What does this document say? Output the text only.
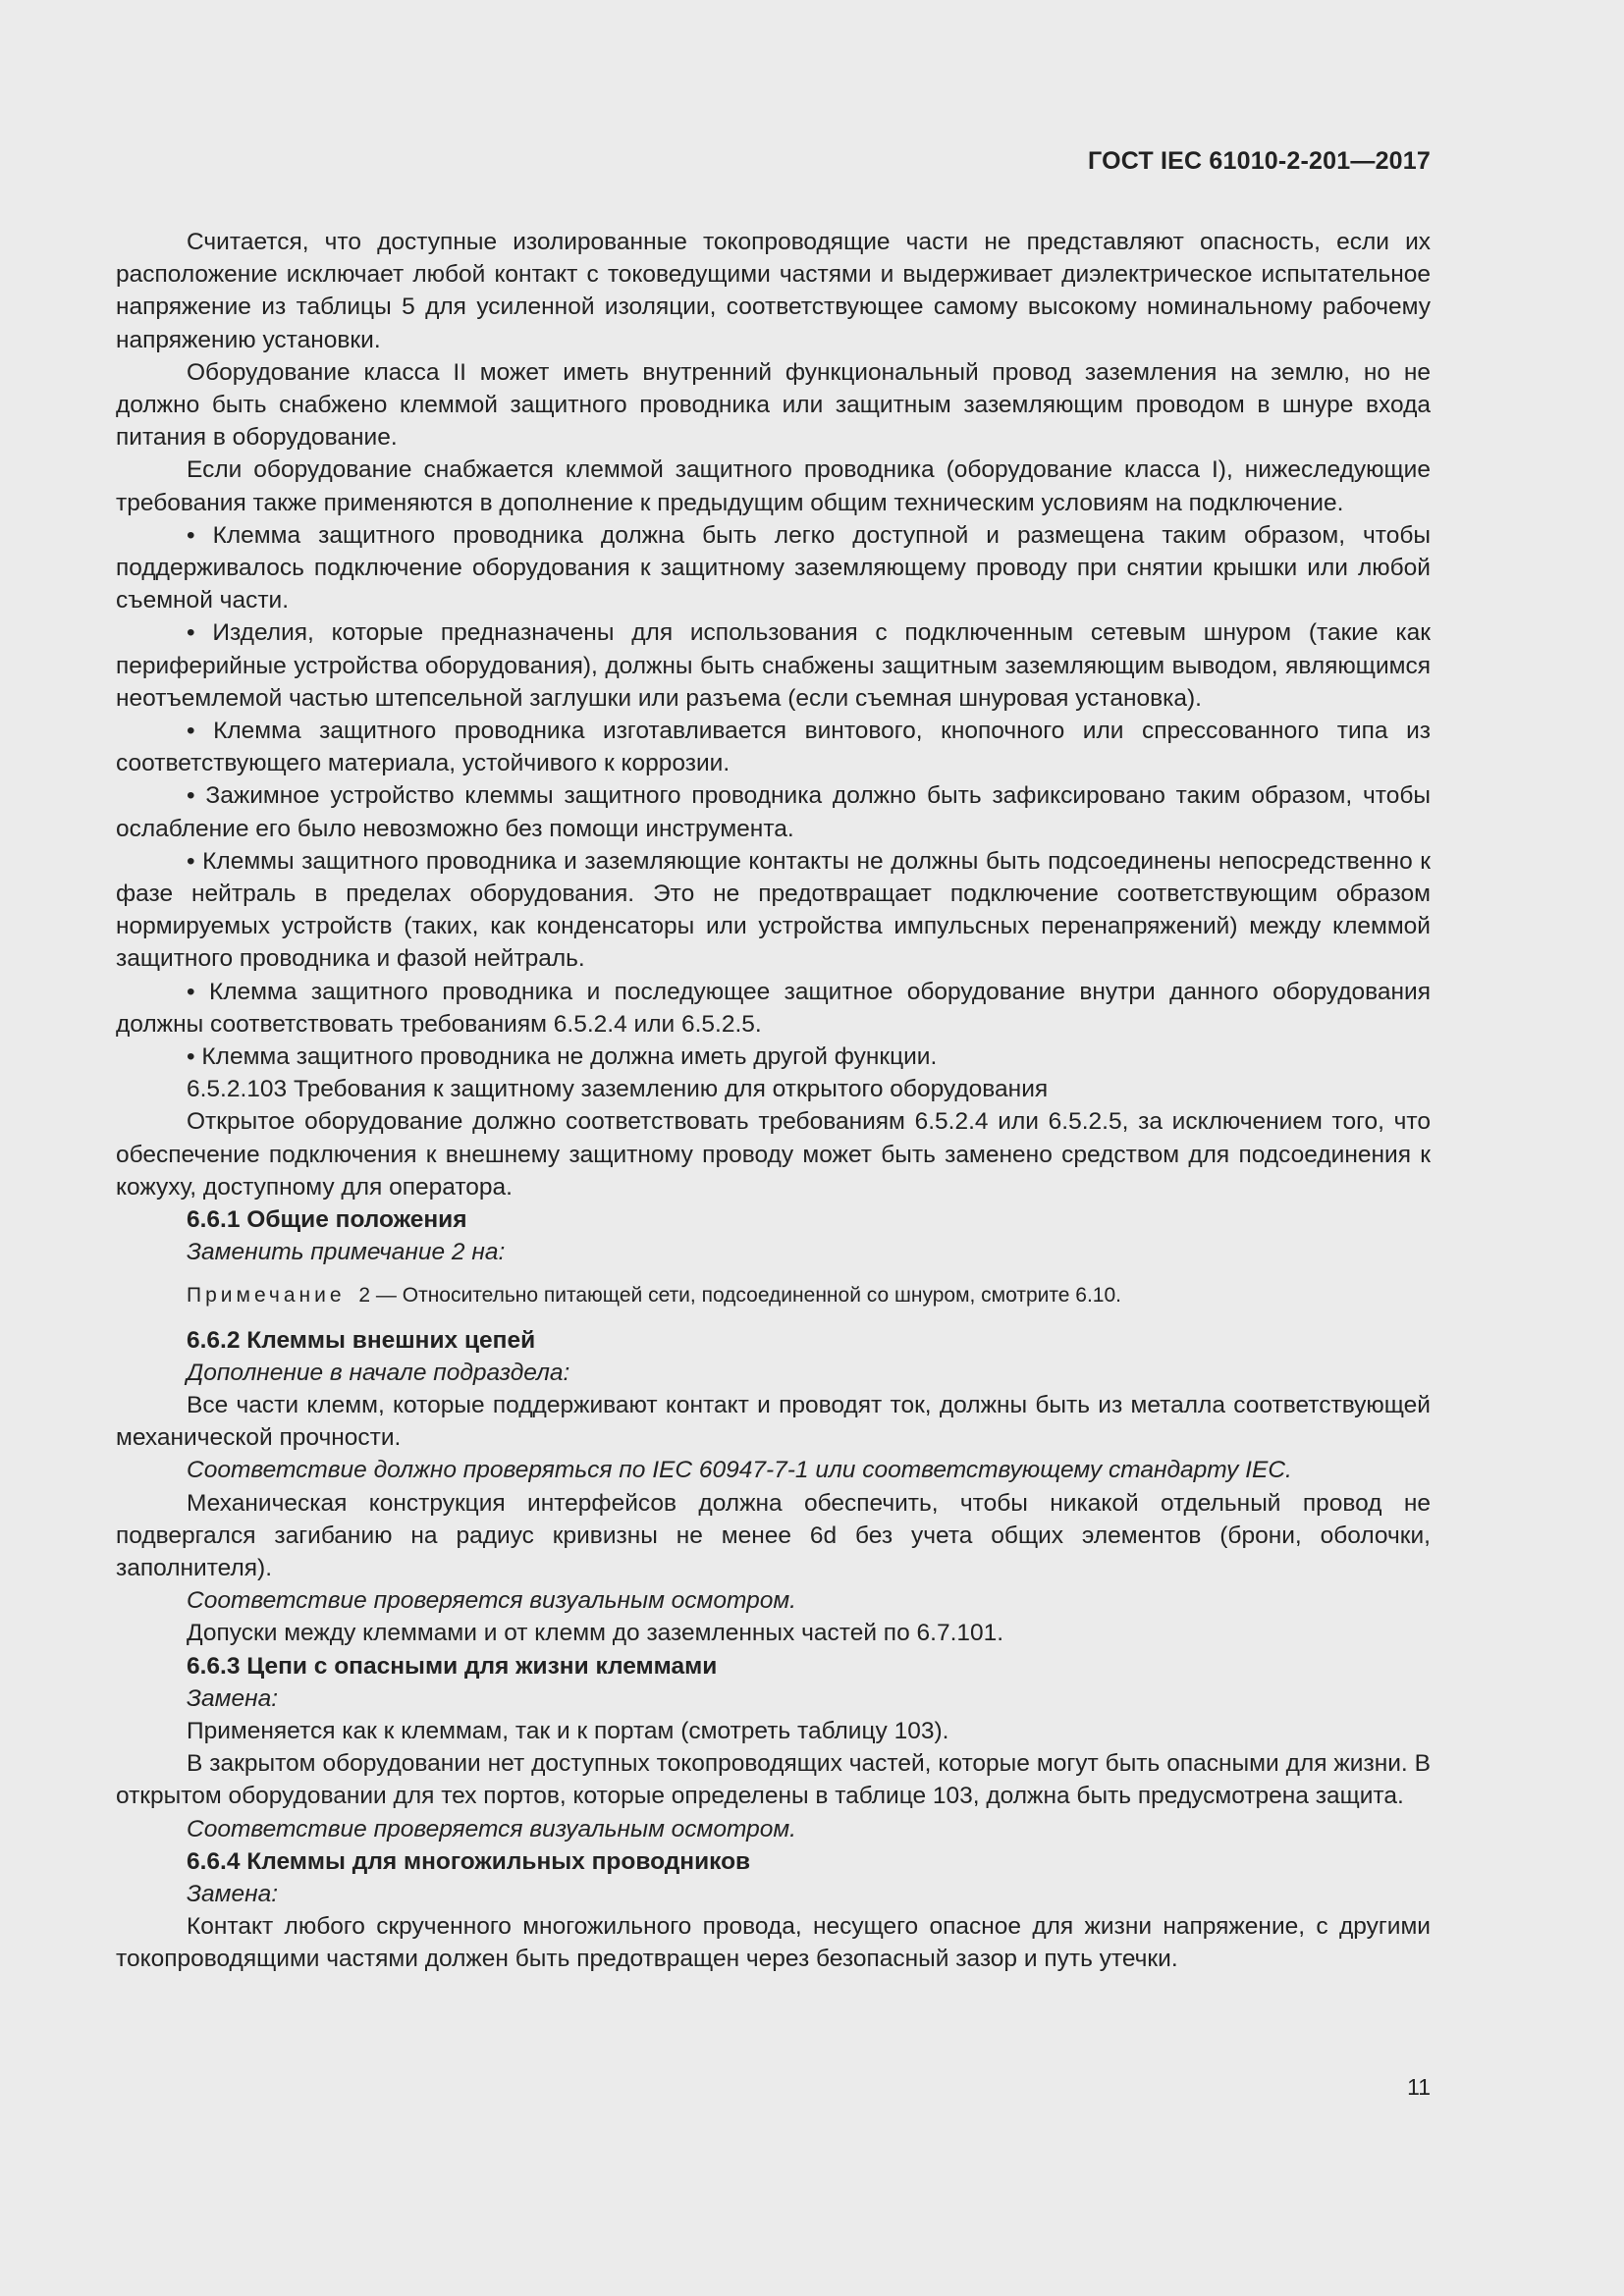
ГОСТ IEC 61010-2-201—2017

Считается, что доступные изолированные токопроводящие части не представляют опасность, если их расположение исключает любой контакт с токоведущими частями и выдерживает диэлектрическое испытательное напряжение из таблицы 5 для усиленной изоляции, соответствующее самому высокому номинальному рабочему напряжению установки.

Оборудование класса II может иметь внутренний функциональный провод заземления на землю, но не должно быть снабжено клеммой защитного проводника или защитным заземляющим проводом в шнуре входа питания в оборудование.

Если оборудование снабжается клеммой защитного проводника (оборудование класса I), нижеследующие требования также применяются в дополнение к предыдущим общим техническим условиям на подключение.

• Клемма защитного проводника должна быть легко доступной и размещена таким образом, чтобы поддерживалось подключение оборудования к защитному заземляющему проводу при снятии крышки или любой съемной части.

• Изделия, которые предназначены для использования с подключенным сетевым шнуром (такие как периферийные устройства оборудования), должны быть снабжены защитным заземляющим выводом, являющимся неотъемлемой частью штепсельной заглушки или разъема (если съемная шнуровая установка).

• Клемма защитного проводника изготавливается винтового, кнопочного или спрессованного типа из соответствующего материала, устойчивого к коррозии.

• Зажимное устройство клеммы защитного проводника должно быть зафиксировано таким образом, чтобы ослабление его было невозможно без помощи инструмента.

• Клеммы защитного проводника и заземляющие контакты не должны быть подсоединены непосредственно к фазе нейтраль в пределах оборудования. Это не предотвращает подключение соответствующим образом нормируемых устройств (таких, как конденсаторы или устройства импульсных перенапряжений) между клеммой защитного проводника и фазой нейтраль.

• Клемма защитного проводника и последующее защитное оборудование внутри данного оборудования должны соответствовать требованиям 6.5.2.4 или 6.5.2.5.

• Клемма защитного проводника не должна иметь другой функции.

6.5.2.103 Требования к защитному заземлению для открытого оборудования

Открытое оборудование должно соответствовать требованиям 6.5.2.4 или 6.5.2.5, за исключением того, что обеспечение подключения к внешнему защитному проводу может быть заменено средством для подсоединения к кожуху, доступному для оператора.

6.6.1 Общие положения

Заменить примечание 2 на:

Примечание 2 — Относительно питающей сети, подсоединенной со шнуром, смотрите 6.10.

6.6.2 Клеммы внешних цепей

Дополнение в начале подраздела:

Все части клемм, которые поддерживают контакт и проводят ток, должны быть из металла соответствующей механической прочности.

Соответствие должно проверяться по IEC 60947-7-1 или соответствующему стандарту IEC.

Механическая конструкция интерфейсов должна обеспечить, чтобы никакой отдельный провод не подвергался загибанию на радиус кривизны не менее 6d без учета общих элементов (брони, оболочки, заполнителя).

Соответствие проверяется визуальным осмотром.

Допуски между клеммами и от клемм до заземленных частей по 6.7.101.

6.6.3 Цепи с опасными для жизни клеммами

Замена:

Применяется как к клеммам, так и к портам (смотреть таблицу 103).

В закрытом оборудовании нет доступных токопроводящих частей, которые могут быть опасными для жизни. В открытом оборудовании для тех портов, которые определены в таблице 103, должна быть предусмотрена защита.

Соответствие проверяется визуальным осмотром.

6.6.4 Клеммы для многожильных проводников

Замена:

Контакт любого скрученного многожильного провода, несущего опасное для жизни напряжение, с другими токопроводящими частями должен быть предотвращен через безопасный зазор и путь утечки.

11
